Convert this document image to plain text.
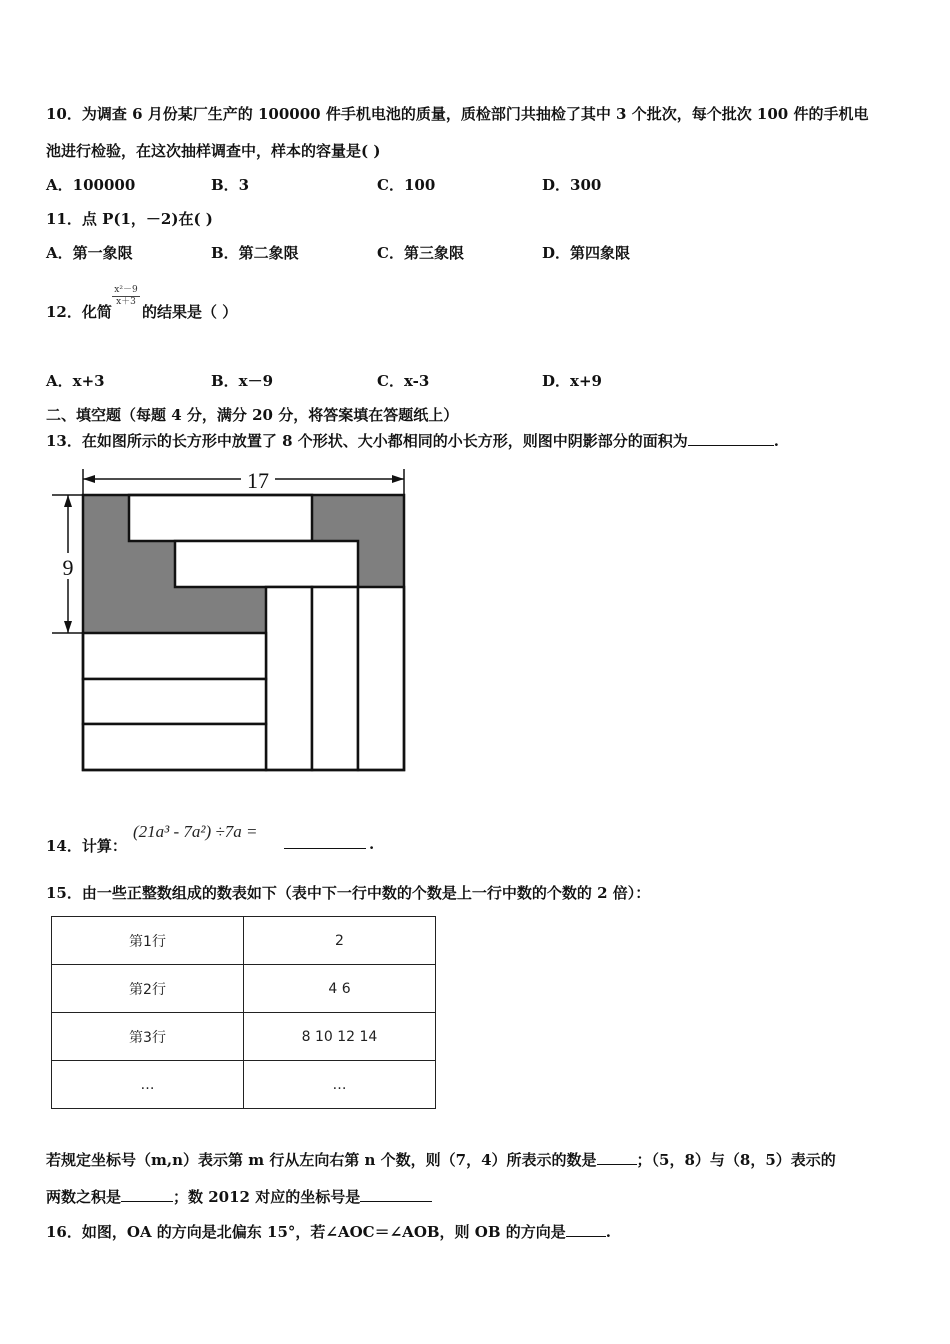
10．为调查 6 月份某厂生产的 100000 件手机电池的质量，质检部门共抽检了其中 3 个批次，每个批次 100 件的手机电
池进行检验，在这次抽样调查中，样本的容量是( )
A．100000	B．3	C．100	D．300
11．点 P(1，－2)在( )
A．第一象限	B．第二象限	C．第三象限	D．第四象限
12．化简
$\frac{\text{x²－9}}{x+3}$
的结果是（ ）
A．x+3	B．x－9	C．x-3	D．x+9
二、填空题（每题 4 分，满分 20 分，将答案填在答题纸上）
13．在如图所示的长方形中放置了 8 个形状、大小都相同的小长方形，则图中阴影部分的面积为	.
17
9
14．计算：
(21a³ - 7a²) ÷7a =
.
15．由一些正整数组成的数表如下（表中下一行中数的个数是上一行中数的个数的 2 倍）：
第1行	2
第2行	4 6
第3行	8 10 12 14
…	…
若规定坐标号（m,n）表示第 m 行从左向右第 n 个数，则（7，4）所表示的数是	；（5，8）与（8，5）表示的
两数之积是	；数 2012 对应的坐标号是
16．如图，OA 的方向是北偏东 15°，若∠AOC＝∠AOB，则 OB 的方向是	.
